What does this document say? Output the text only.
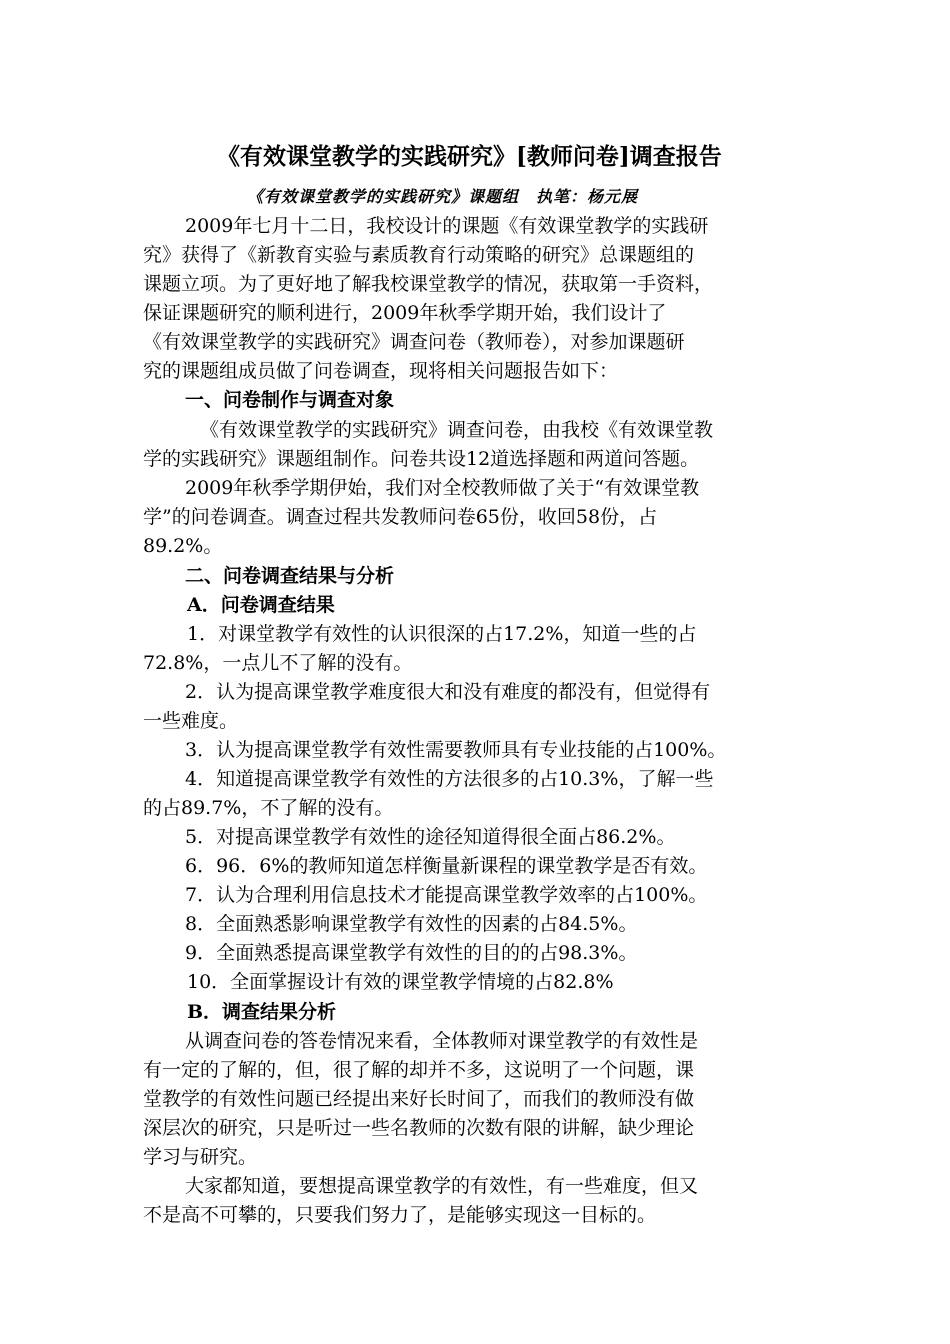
《有效课堂教学的实践研究》[教师问卷]调查报告
《有效课堂教学的实践研究》课题组　执笔：杨元展
2009年七月十二日，我校设计的课题《有效课堂教学的实践研
究》获得了《新教育实验与素质教育行动策略的研究》总课题组的
课题立项。为了更好地了解我校课堂教学的情况，获取第一手资料，
保证课题研究的顺利进行，2009年秋季学期开始，我们设计了
《有效课堂教学的实践研究》调查问卷（教师卷），对参加课题研
究的课题组成员做了问卷调查，现将相关问题报告如下：
一、问卷制作与调查对象
《有效课堂教学的实践研究》调查问卷，由我校《有效课堂教
学的实践研究》课题组制作。问卷共设12道选择题和两道问答题。
2009年秋季学期伊始，我们对全校教师做了关于“有效课堂教
学”的问卷调查。调查过程共发教师问卷65份，收回58份，占
89.2%。
二、问卷调查结果与分析
A．问卷调查结果
1．对课堂教学有效性的认识很深的占17.2%，知道一些的占
72.8%，一点儿不了解的没有。
2．认为提高课堂教学难度很大和没有难度的都没有，但觉得有
一些难度。
3．认为提高课堂教学有效性需要教师具有专业技能的占100%。
4．知道提高课堂教学有效性的方法很多的占10.3%，了解一些
的占89.7%，不了解的没有。
5．对提高课堂教学有效性的途径知道得很全面占86.2%。
6．96．6%的教师知道怎样衡量新课程的课堂教学是否有效。
7．认为合理利用信息技术才能提高课堂教学效率的占100%。
8．全面熟悉影响课堂教学有效性的因素的占84.5%。
9．全面熟悉提高课堂教学有效性的目的的占98.3%。
10．全面掌握设计有效的课堂教学情境的占82.8%
B．调查结果分析
从调查问卷的答卷情况来看，全体教师对课堂教学的有效性是
有一定的了解的，但，很了解的却并不多，这说明了一个问题，课
堂教学的有效性问题已经提出来好长时间了，而我们的教师没有做
深层次的研究，只是听过一些名教师的次数有限的讲解，缺少理论
学习与研究。
大家都知道，要想提高课堂教学的有效性，有一些难度，但又
不是高不可攀的，只要我们努力了，是能够实现这一目标的。
